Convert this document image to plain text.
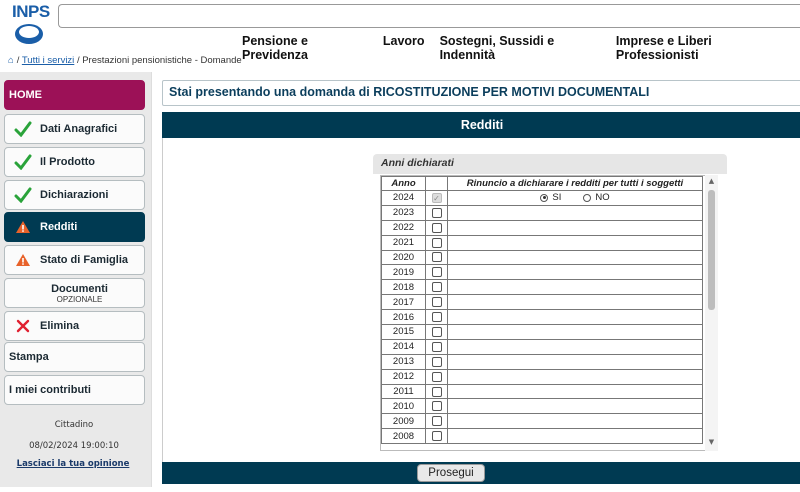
INPS
Pensione e Previdenza
Lavoro Sostegni, Sussidi e Indennità
Imprese e Liberi Professionisti
⌂ / Tutti i servizi / Prestazioni pensionistiche - Domande
HOME
Dati Anagrafici
Il Prodotto
Dichiarazioni
Redditi
Stato di Famiglia
Documenti
OPZIONALE
Elimina
Stampa
I miei contributi
Cittadino
08/02/2024 19:00:10
Lasciaci la tua opinione
Stai presentando una domanda di RICOSTITUZIONE PER MOTIVI DOCUMENTALI
Redditi
Anni dichiarati
Anno		Rinuncio a dichiarare i redditi per tutti i soggetti
2024	✓	SI NO
2023		
2022		
2021		
2020		
2019		
2018		
2017		
2016		
2015		
2014		
2013		
2012		
2011		
2010		
2009		
2008		
▲
▼
Prosegui
